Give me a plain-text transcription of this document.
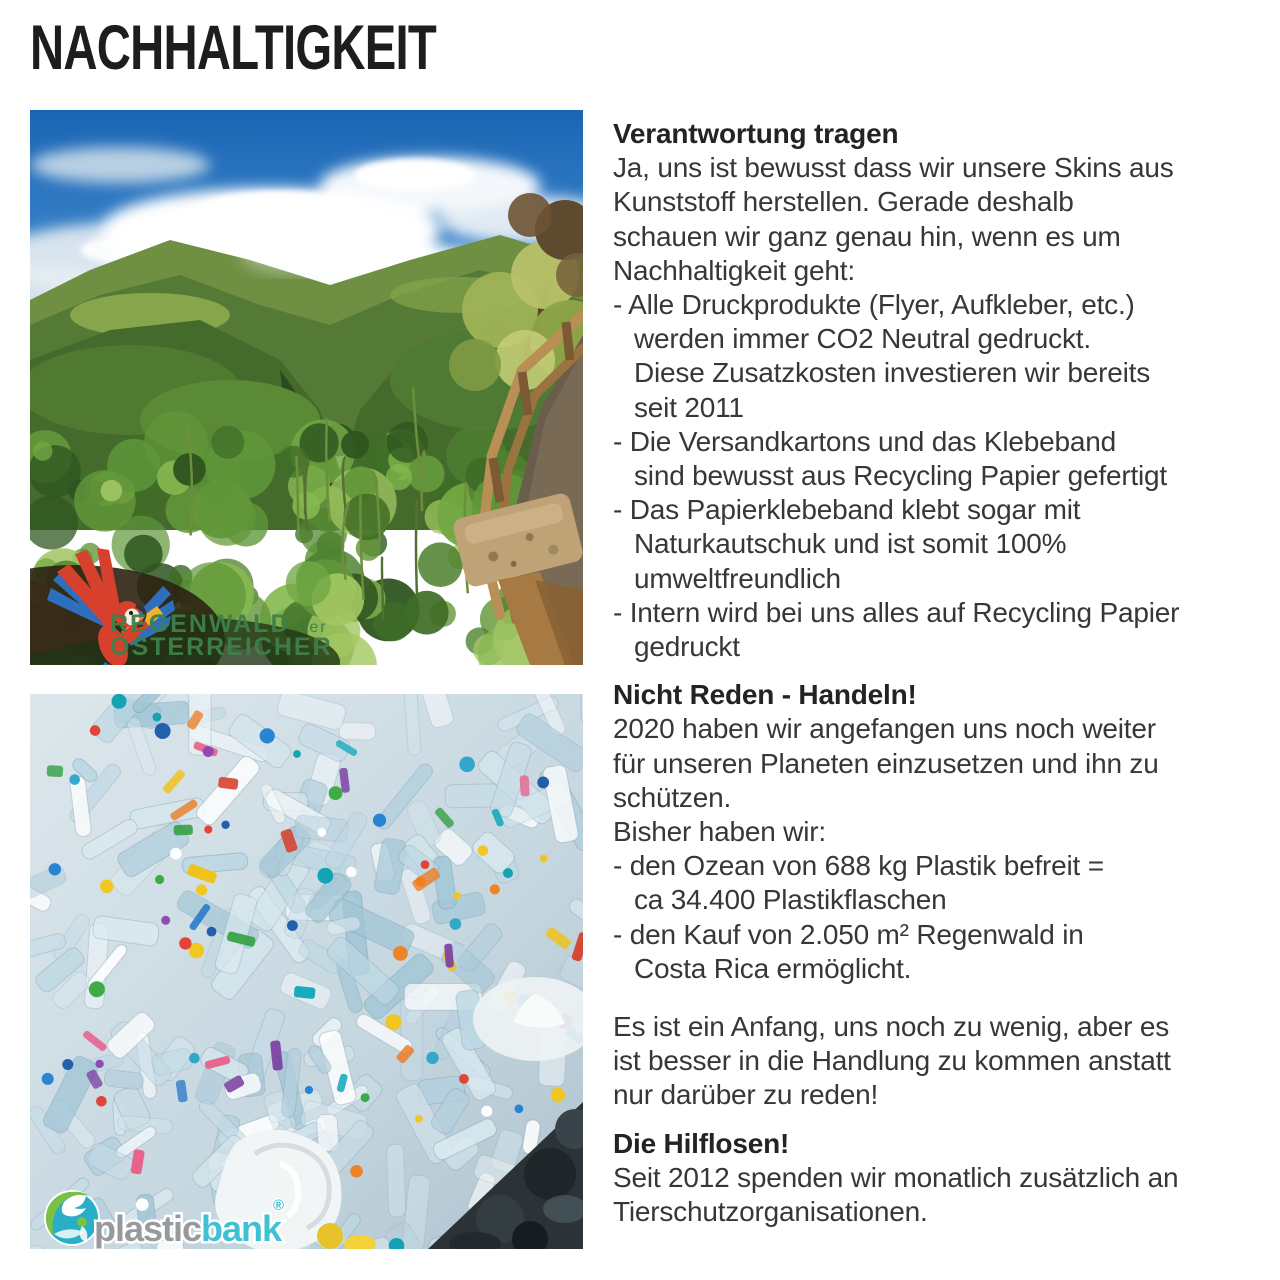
NACHHALTIGKEIT
REGENWALD der
ÖSTERREICHER
plasticbank
®
Verantwortung tragen
Ja, uns ist bewusst dass wir unsere Skins aus
Kunststoff herstellen. Gerade deshalb
schauen wir ganz genau hin, wenn es um
Nachhaltigkeit geht:
- Alle Druckprodukte (Flyer, Aufkleber, etc.)
werden immer CO2 Neutral gedruckt.
Diese Zusatzkosten investieren wir bereits
seit 2011
- Die Versandkartons und das Klebeband
sind bewusst aus Recycling Papier gefertigt
- Das Papierklebeband klebt sogar mit
Naturkautschuk und ist somit 100%
umweltfreundlich
- Intern wird bei uns alles auf Recycling Papier
gedruckt
Nicht Reden - Handeln!
2020 haben wir angefangen uns noch weiter
für unseren Planeten einzusetzen und ihn zu
schützen.
Bisher haben wir:
- den Ozean von 688 kg Plastik befreit =
ca 34.400 Plastikflaschen
- den Kauf von 2.050 m² Regenwald in
Costa Rica ermöglicht.
Es ist ein Anfang, uns noch zu wenig, aber es
ist besser in die Handlung zu kommen anstatt
nur darüber zu reden!
Die Hilflosen!
Seit 2012 spenden wir monatlich zusätzlich an
Tierschutzorganisationen.
